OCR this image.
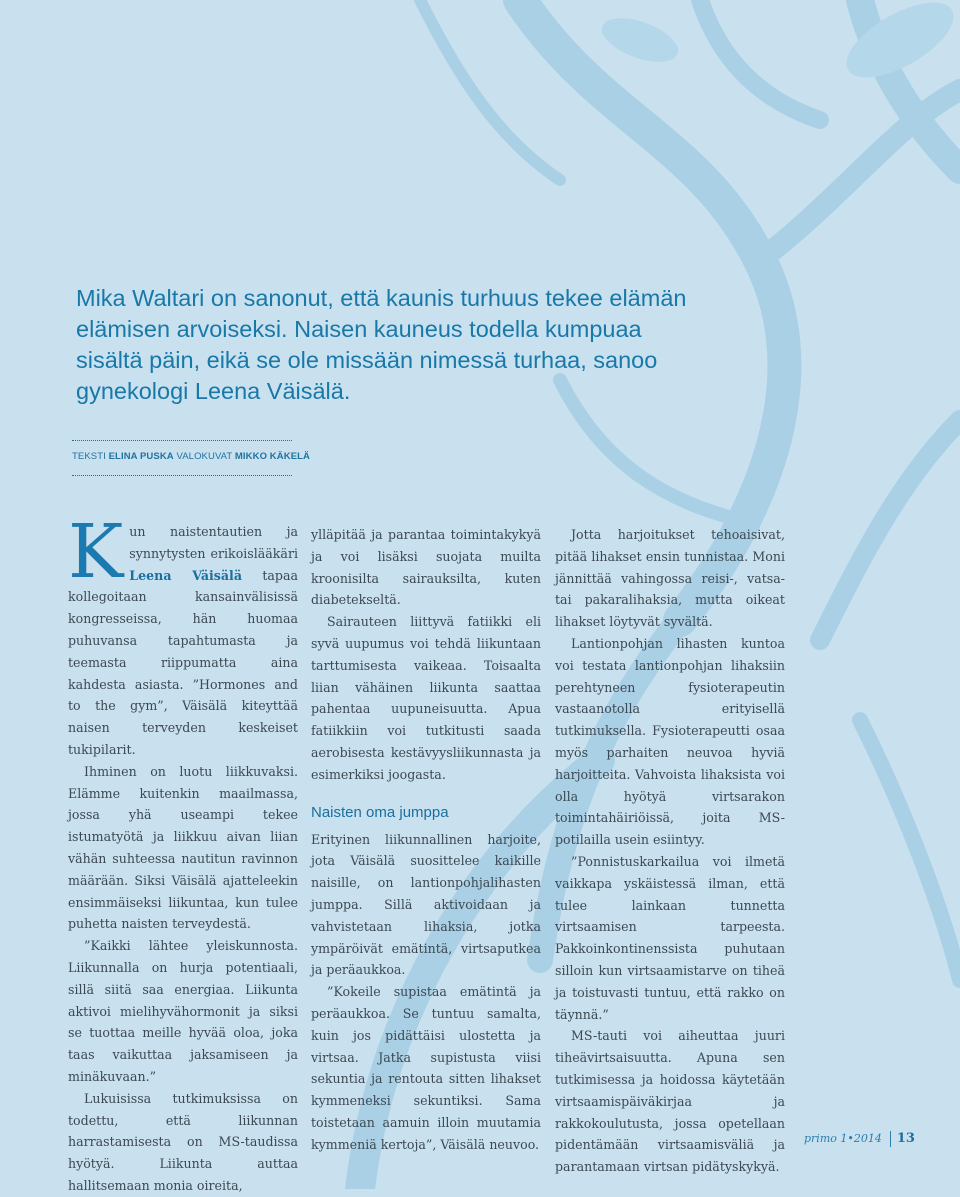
Mika Waltari on sanonut, että kaunis turhuus tekee elämän elämisen arvoiseksi. Naisen kauneus todella kumpuaa sisältä päin, eikä se ole missään nimessä turhaa, sanoo gynekologi Leena Väisälä.

TEKSTI ELINA PUSKA VALOKUVAT MIKKO KÄKELÄ

Kun naistentautien ja synnytysten erikoislääkäri Leena Väisälä tapaa kollegoitaan kansainvälisissä kongresseissa, hän huomaa puhuvansa tapahtumasta ja teemasta riippumatta aina kahdesta asiasta. ”Hormones and to the gym”, Väisälä kiteyttää naisen terveyden keskeiset tukipilarit.

Ihminen on luotu liikkuvaksi. Elämme kuitenkin maailmassa, jossa yhä useampi tekee istumatyötä ja liikkuu aivan liian vähän suhteessa nautitun ravinnon määrään. Siksi Väisälä ajatteleekin ensimmäiseksi liikuntaa, kun tulee puhetta naisten terveydestä.

”Kaikki lähtee yleiskunnosta. Liikunnalla on hurja potentiaali, sillä siitä saa energiaa. Liikunta aktivoi mielihyvähormonit ja siksi se tuottaa meille hyvää oloa, joka taas vaikuttaa jaksamiseen ja minäkuvaan.”

Lukuisissa tutkimuksissa on todettu, että liikunnan harrastamisesta on MS-taudissa hyötyä. Liikunta auttaa hallitsemaan monia oireita,

ylläpitää ja parantaa toimintakykyä ja voi lisäksi suojata muilta kroonisilta sairauksilta, kuten diabetekseltä.

Sairauteen liittyvä fatiikki eli syvä uupumus voi tehdä liikuntaan tarttumisesta vaikeaa. Toisaalta liian vähäinen liikunta saattaa pahentaa uupuneisuutta. Apua fatiikkiin voi tutkitusti saada aerobisesta kestävyysliikunnasta ja esimerkiksi joogasta.

Naisten oma jumppa

Erityinen liikunnallinen harjoite, jota Väisälä suosittelee kaikille naisille, on lantionpohjalihasten jumppa. Sillä aktivoidaan ja vahvistetaan lihaksia, jotka ympäröivät emätintä, virtsaputkea ja peräaukkoa.

”Kokeile supistaa emätintä ja peräaukkoa. Se tuntuu samalta, kuin jos pidättäisi ulostetta ja virtsaa. Jatka supistusta viisi sekuntia ja rentouta sitten lihakset kymmeneksi sekuntiksi. Sama toistetaan aamuin illoin muutamia kymmeniä kertoja”, Väisälä neuvoo.

Jotta harjoitukset tehoaisivat, pitää lihakset ensin tunnistaa. Moni jännittää vahingossa reisi-, vatsa- tai pakaralihaksia, mutta oikeat lihakset löytyvät syvältä.

Lantionpohjan lihasten kuntoa voi testata lantionpohjan lihaksiin perehtyneen fysioterapeutin vastaanotolla erityisellä tutkimuksella. Fysioterapeutti osaa myös parhaiten neuvoa hyviä harjoitteita. Vahvoista lihaksista voi olla hyötyä virtsarakon toimintahäiriöissä, joita MS-potilailla usein esiintyy.

”Ponnistuskarkailua voi ilmetä vaikkapa yskäistessä ilman, että tulee lainkaan tunnetta virtsaamisen tarpeesta. Pakkoinkontinenssista puhutaan silloin kun virtsaamistarve on tiheä ja toistuvasti tuntuu, että rakko on täynnä.”

MS-tauti voi aiheuttaa juuri tiheävirtsaisuutta. Apuna sen tutkimisessa ja hoidossa käytetään virtsaamispäiväkirjaa ja rakkokoulutusta, jossa opetellaan pidentämään virtsaamisväliä ja parantamaan virtsan pidätyskykyä.

primo 1•2014 13
